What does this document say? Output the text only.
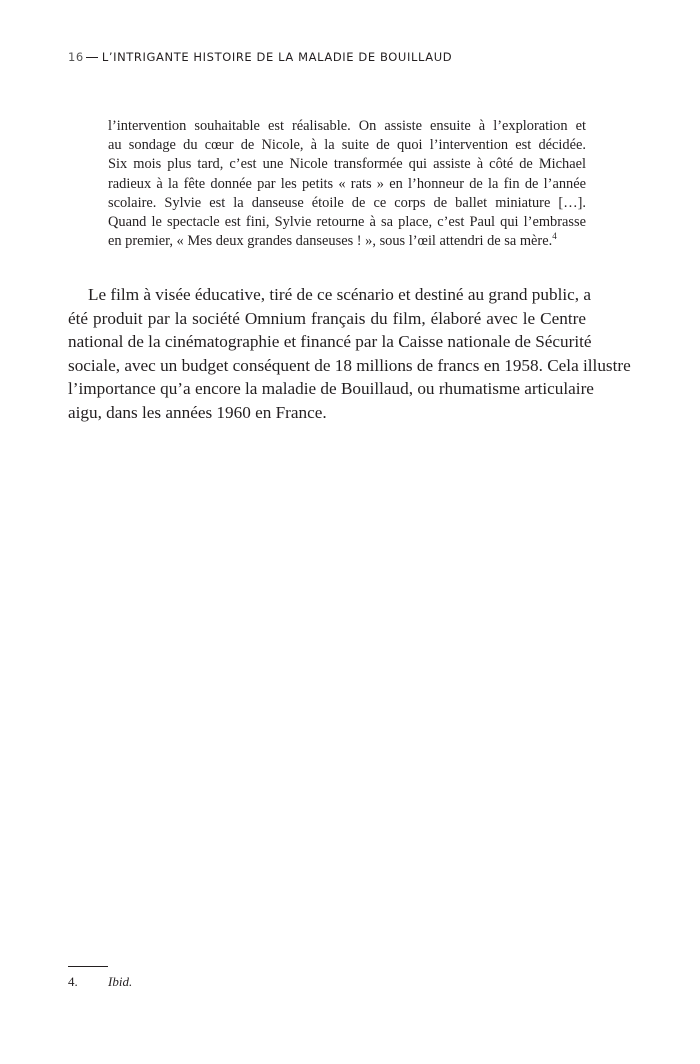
16 L’INTRIGANTE HISTOIRE DE LA MALADIE DE BOUILLAUD
l’intervention souhaitable est réalisable. On assiste ensuite à l’exploration et
au sondage du cœur de Nicole, à la suite de quoi l’intervention est décidée.
Six mois plus tard, c’est une Nicole transformée qui assiste à côté de Michael
radieux à la fête donnée par les petits « rats » en l’honneur de la fin de l’année
scolaire. Sylvie est la danseuse étoile de ce corps de ballet miniature […].
Quand le spectacle est fini, Sylvie retourne à sa place, c’est Paul qui l’embrasse
en premier, « Mes deux grandes danseuses ! », sous l’œil attendri de sa mère.$^4$
Le film à visée éducative, tiré de ce scénario et destiné au grand public, a
été produit par la société Omnium français du film, élaboré avec le Centre
national de la cinématographie et financé par la Caisse nationale de Sécurité
sociale, avec un budget conséquent de 18 millions de francs en 1958. Cela illustre
l’importance qu’a encore la maladie de Bouillaud, ou rhumatisme articulaire
aigu, dans les années 1960 en France.
4. Ibid.
